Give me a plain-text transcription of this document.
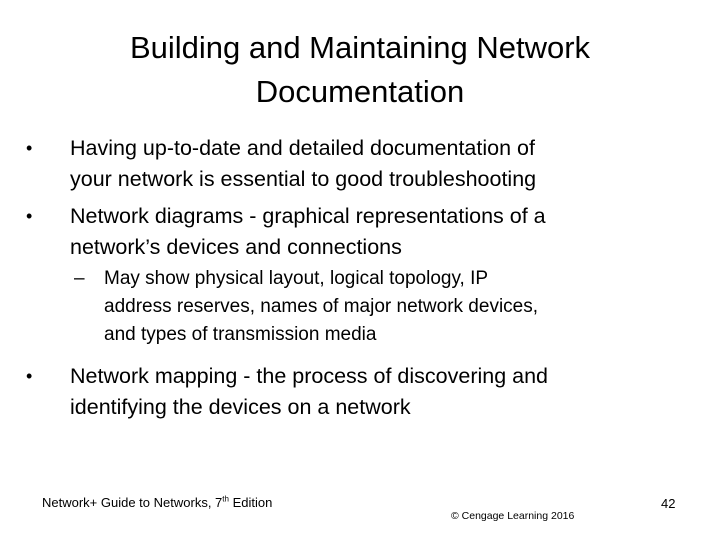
Building and Maintaining Network
Documentation
• Having up-to-date and detailed documentation of
your network is essential to good troubleshooting
• Network diagrams - graphical representations of a
network’s devices and connections
– May show physical layout, logical topology, IP
address reserves, names of major network devices,
and types of transmission media
• Network mapping - the process of discovering and
identifying the devices on a network
Network+ Guide to Networks, 7th Edition
© Cengage Learning 2016
42
